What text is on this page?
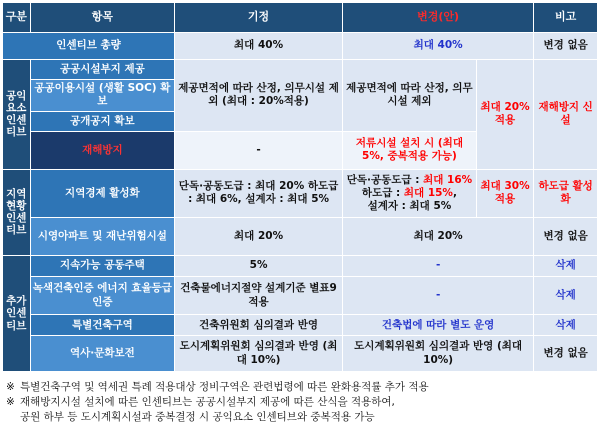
구분	항목	기정	변경(안)		비고
인센티브 총량		최대 40%	최대 40%		변경 없음
공익요소인센티브	공공시설부지 제공	제공면적에 따라 산정, 의무시설 제외 (최대 : 20%적용)	제공면적에 따라 산정, 의무시설 제외	최대 20% 적용	재해방지 신설
	공공이용시설 (생활 SOC) 확보				
	공개공지 확보				
	재해방지	-	저류시설 설치 시 (최대 5%, 중복적용 가능)		
지역현황인센티브	지역경제 활성화	단독·공동도급 : 최대 20% 하도급 : 최대 6%, 설계자 : 최대 5%	단독·공동도급 : 최대 16%
하도급 : 최대 15%,
설계자 : 최대 5%	최대 30% 적용	하도급 활성화
	시영아파트 및 재난위험시설	최대 20%	최대 20%		변경 없음
추가인센티브	지속가능 공동주택	5%	-		삭제
	녹색건축인증 에너지 효율등급인증	건축물에너지절약 설계기준 별표9 적용	-		삭제
	특별건축구역	건축위원회 심의결과 반영	건축법에 따라 별도 운영		삭제
	역사·문화보전	도시계획위원회 심의결과 반영 (최대 10%)	도시계획위원회 심의결과 반영 (최대 10%)		변경 없음
※ 특별건축구역 및 역세권 특례 적용대상 정비구역은 관련법령에 따른 완화용적률 추가 적용
※ 재해방지시설 설치에 따른 인센티브는 공공시설부지 제공에 따른 산식을 적용하여,
공원 하부 등 도시계획시설과 중복결정 시 공익요소 인센티브와 중복적용 가능
